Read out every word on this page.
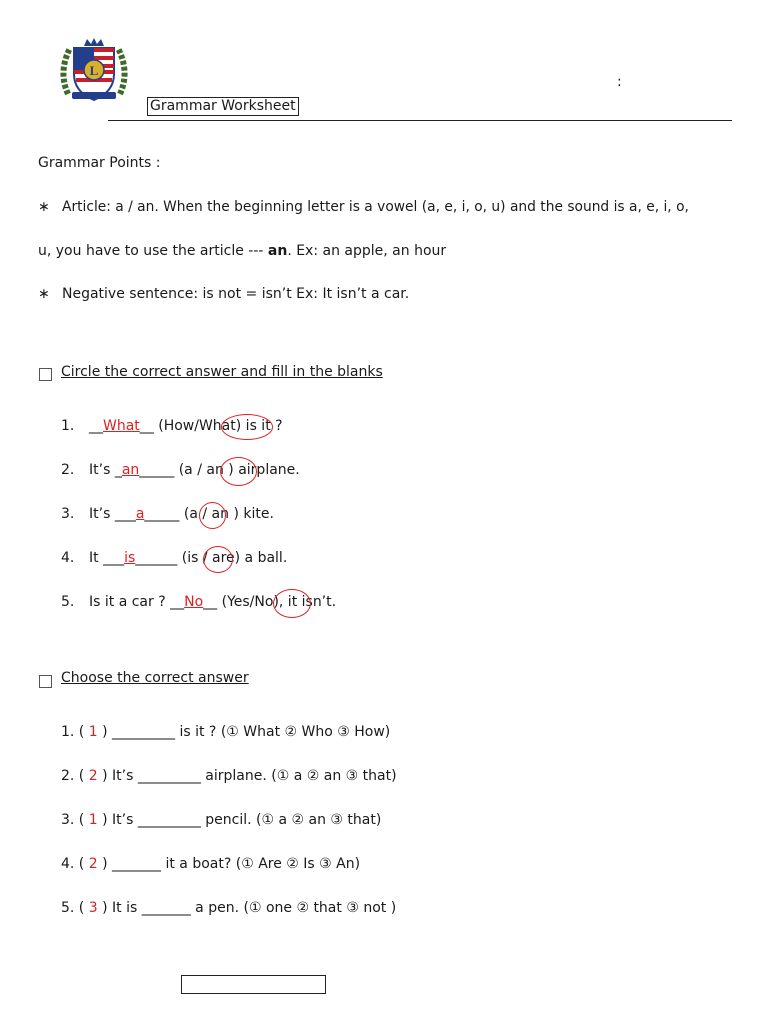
L
:
Grammar Worksheet
Grammar Points :
∗ Article: a / an. When the beginning letter is a vowel (a, e, i, o, u) and the sound is a, e, i, o,
u, you have to use the article --- an. Ex: an apple, an hour
∗ Negative sentence: is not = isn’t Ex: It isn’t a car.
Circle the correct answer and fill in the blanks
1. __What__ (How/What) is it ?
2. It’s _an_____ (a / an ) airplane.
3. It’s ___a_____ (a / an ) kite.
4. It ___is______ (is / are) a ball.
5. Is it a car ? __No__ (Yes/No), it isn’t.
Choose the correct answer
1. ( 1 ) _________ is it ? (① What ② Who ③ How)
2. ( 2 ) It’s _________ airplane. (① a ② an ③ that)
3. ( 1 ) It’s _________ pencil. (① a ② an ③ that)
4. ( 2 ) _______ it a boat? (① Are ② Is ③ An)
5. ( 3 ) It is _______ a pen. (① one ② that ③ not )
